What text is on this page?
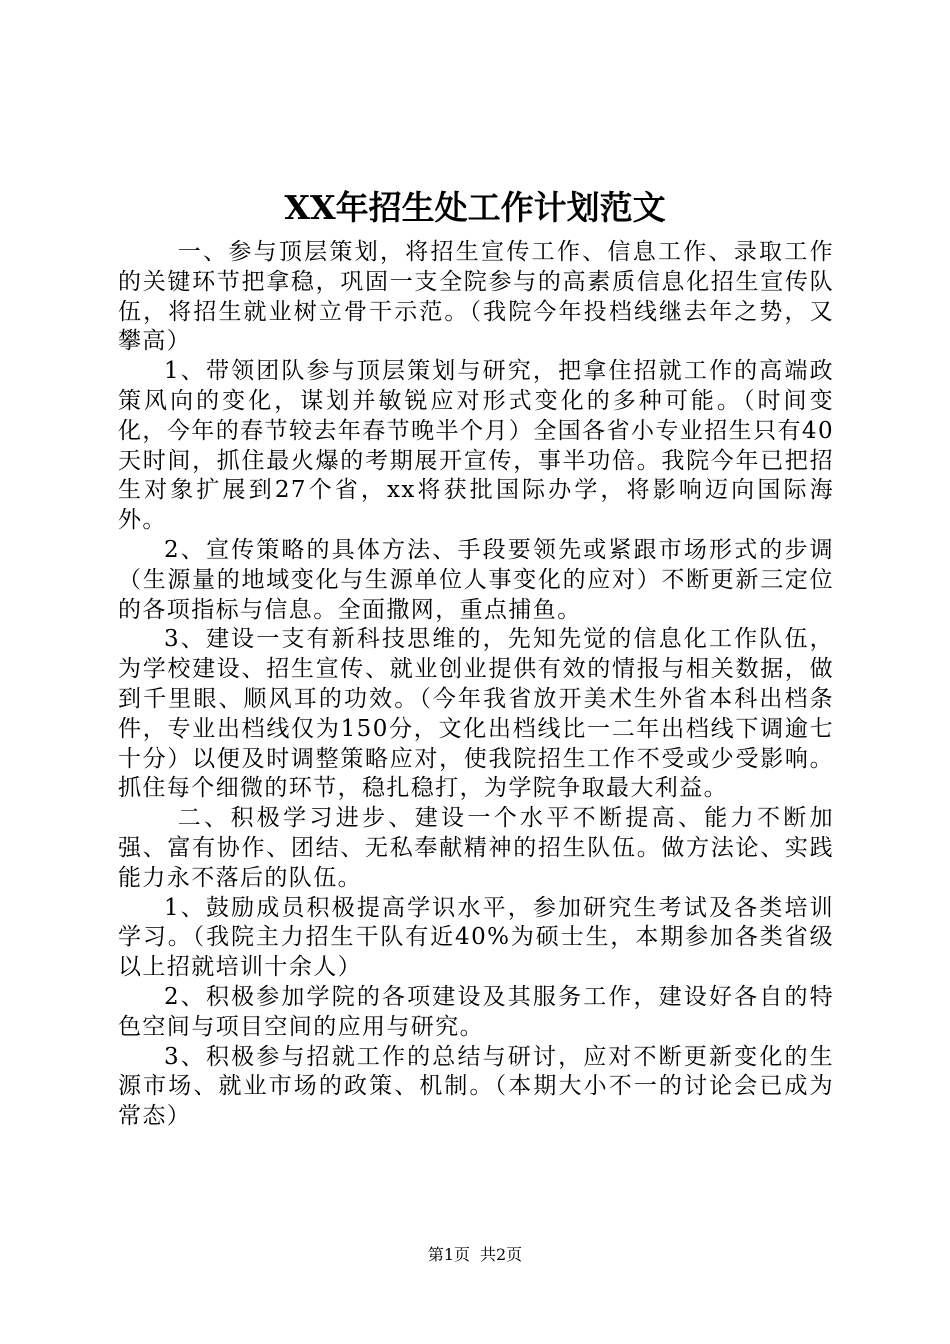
XX年招生处工作计划范文

一、参与顶层策划，将招生宣传工作、信息工作、录取工作的关键环节把拿稳，巩固一支全院参与的高素质信息化招生宣传队伍，将招生就业树立骨干示范。（我院今年投档线继去年之势，又攀高）

1、带领团队参与顶层策划与研究，把拿住招就工作的高端政策风向的变化，谋划并敏锐应对形式变化的多种可能。（时间变化，今年的春节较去年春节晚半个月）全国各省小专业招生只有40天时间，抓住最火爆的考期展开宣传，事半功倍。我院今年已把招生对象扩展到27个省，xx将获批国际办学，将影响迈向国际海外。

2、宣传策略的具体方法、手段要领先或紧跟市场形式的步调（生源量的地域变化与生源单位人事变化的应对）不断更新三定位的各项指标与信息。全面撒网，重点捕鱼。

3、建设一支有新科技思维的，先知先觉的信息化工作队伍，为学校建设、招生宣传、就业创业提供有效的情报与相关数据，做到千里眼、顺风耳的功效。（今年我省放开美术生外省本科出档条件，专业出档线仅为150分，文化出档线比一二年出档线下调逾七十分）以便及时调整策略应对，使我院招生工作不受或少受影响。抓住每个细微的环节，稳扎稳打，为学院争取最大利益。

二、积极学习进步、建设一个水平不断提高、能力不断加强、富有协作、团结、无私奉献精神的招生队伍。做方法论、实践能力永不落后的队伍。

1、鼓励成员积极提高学识水平，参加研究生考试及各类培训学习。（我院主力招生干队有近40%为硕士生，本期参加各类省级以上招就培训十余人）

2、积极参加学院的各项建设及其服务工作，建设好各自的特色空间与项目空间的应用与研究。

3、积极参与招就工作的总结与研讨，应对不断更新变化的生源市场、就业市场的政策、机制。（本期大小不一的讨论会已成为常态）

第1页 共2页
